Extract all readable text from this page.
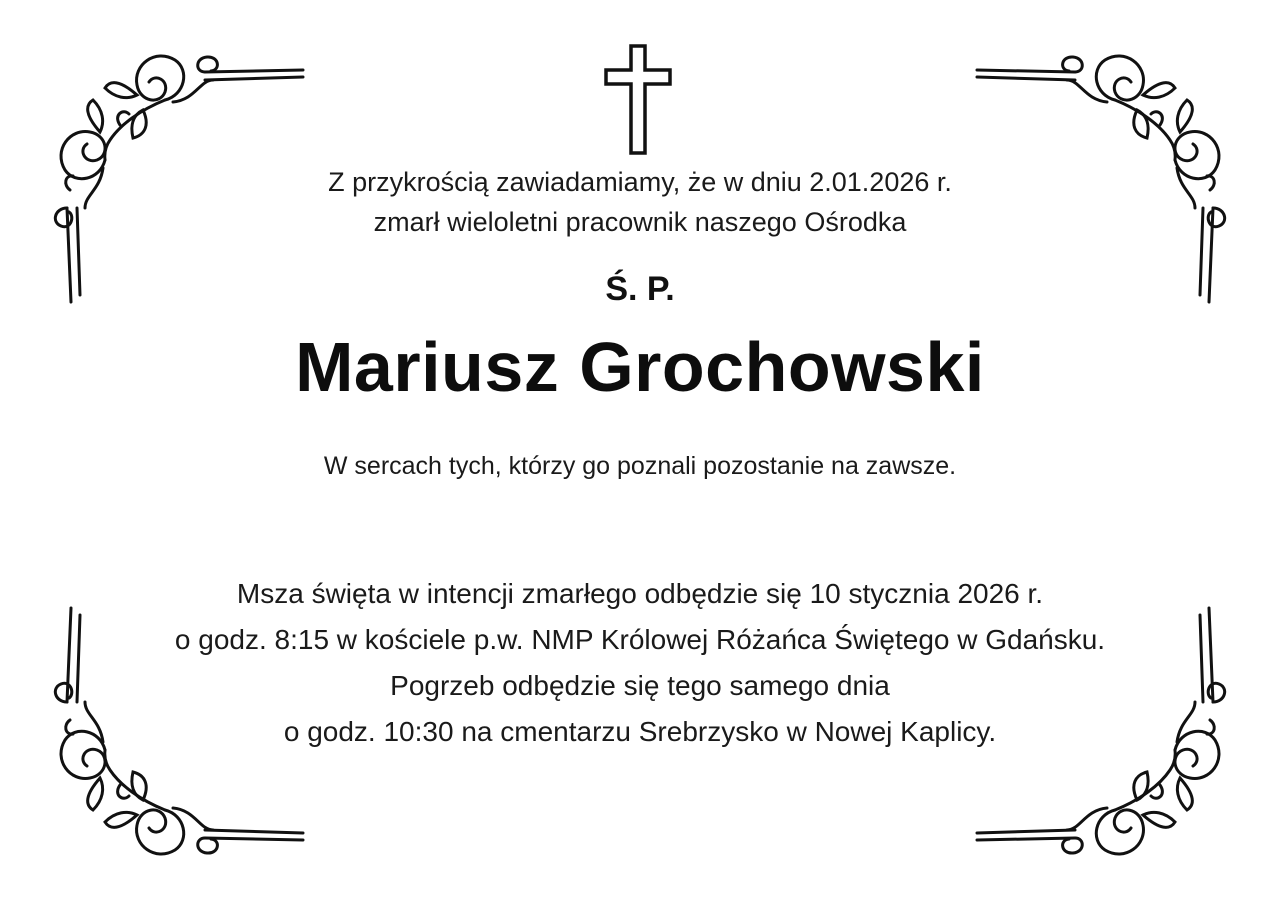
Z przykrością zawiadamiamy, że w dniu 2.01.2026 r.
zmarł wieloletni pracownik naszego Ośrodka
Ś. P.
Mariusz Grochowski
W sercach tych, którzy go poznali pozostanie na zawsze.
Msza święta w intencji zmarłego odbędzie się 10 stycznia 2026 r.
o godz. 8:15 w kościele p.w. NMP Królowej Różańca Świętego w Gdańsku.
Pogrzeb odbędzie się tego samego dnia
o godz. 10:30 na cmentarzu Srebrzysko w Nowej Kaplicy.
